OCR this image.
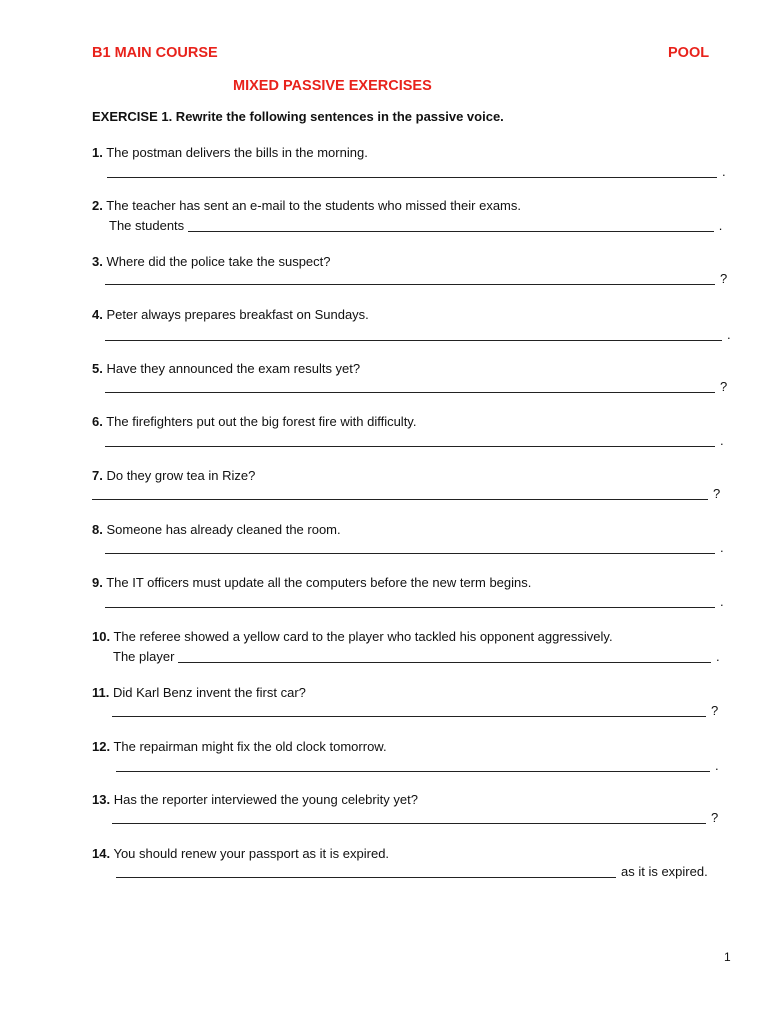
B1 MAIN COURSE	POOL
MIXED PASSIVE EXERCISES
EXERCISE 1. Rewrite the following sentences in the passive voice.
1. The postman delivers the bills in the morning.
.
2. The teacher has sent an e-mail to the students who missed their exams.
The students	.
3. Where did the police take the suspect?
?
4. Peter always prepares breakfast on Sundays.
.
5. Have they announced the exam results yet?
?
6. The firefighters put out the big forest fire with difficulty.
.
7. Do they grow tea in Rize?
?
8. Someone has already cleaned the room.
.
9. The IT officers must update all the computers before the new term begins.
.
10. The referee showed a yellow card to the player who tackled his opponent aggressively.
The player	.
11. Did Karl Benz invent the first car?
?
12. The repairman might fix the old clock tomorrow.
.
13. Has the reporter interviewed the young celebrity yet?
?
14. You should renew your passport as it is expired.
as it is expired.
1
